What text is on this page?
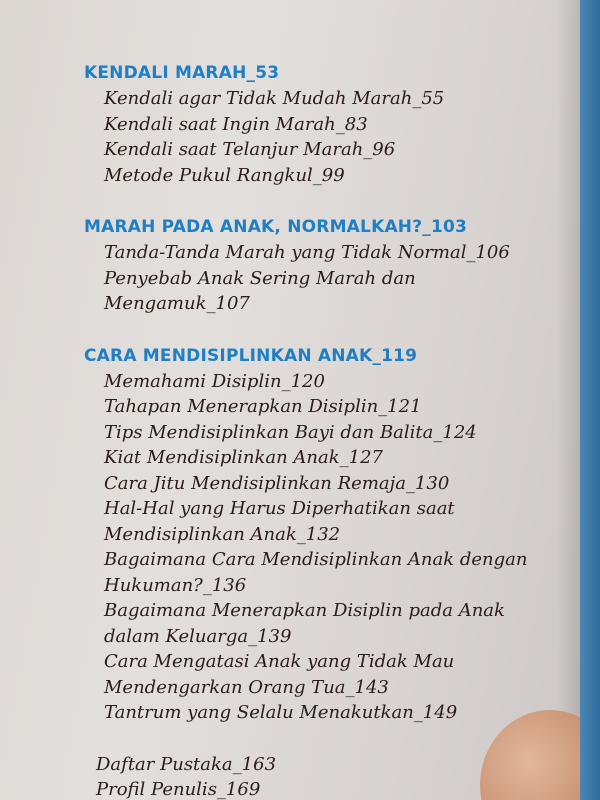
KENDALI MARAH_53
Kendali agar Tidak Mudah Marah_55
Kendali saat Ingin Marah_83
Kendali saat Telanjur Marah_96
Metode Pukul Rangkul_99
MARAH PADA ANAK, NORMALKAH?_103
Tanda-Tanda Marah yang Tidak Normal_106
Penyebab Anak Sering Marah dan Mengamuk_107
CARA MENDISIPLINKAN ANAK_119
Memahami Disiplin_120
Tahapan Menerapkan Disiplin_121
Tips Mendisiplinkan Bayi dan Balita_124
Kiat Mendisiplinkan Anak_127
Cara Jitu Mendisiplinkan Remaja_130
Hal-Hal yang Harus Diperhatikan saat Mendisiplinkan Anak_132
Bagaimana Cara Mendisiplinkan Anak dengan Hukuman?_136
Bagaimana Menerapkan Disiplin pada Anak dalam Keluarga_139
Cara Mengatasi Anak yang Tidak Mau Mendengarkan Orang Tua_143
Tantrum yang Selalu Menakutkan_149
Daftar Pustaka_163
Profil Penulis_169
